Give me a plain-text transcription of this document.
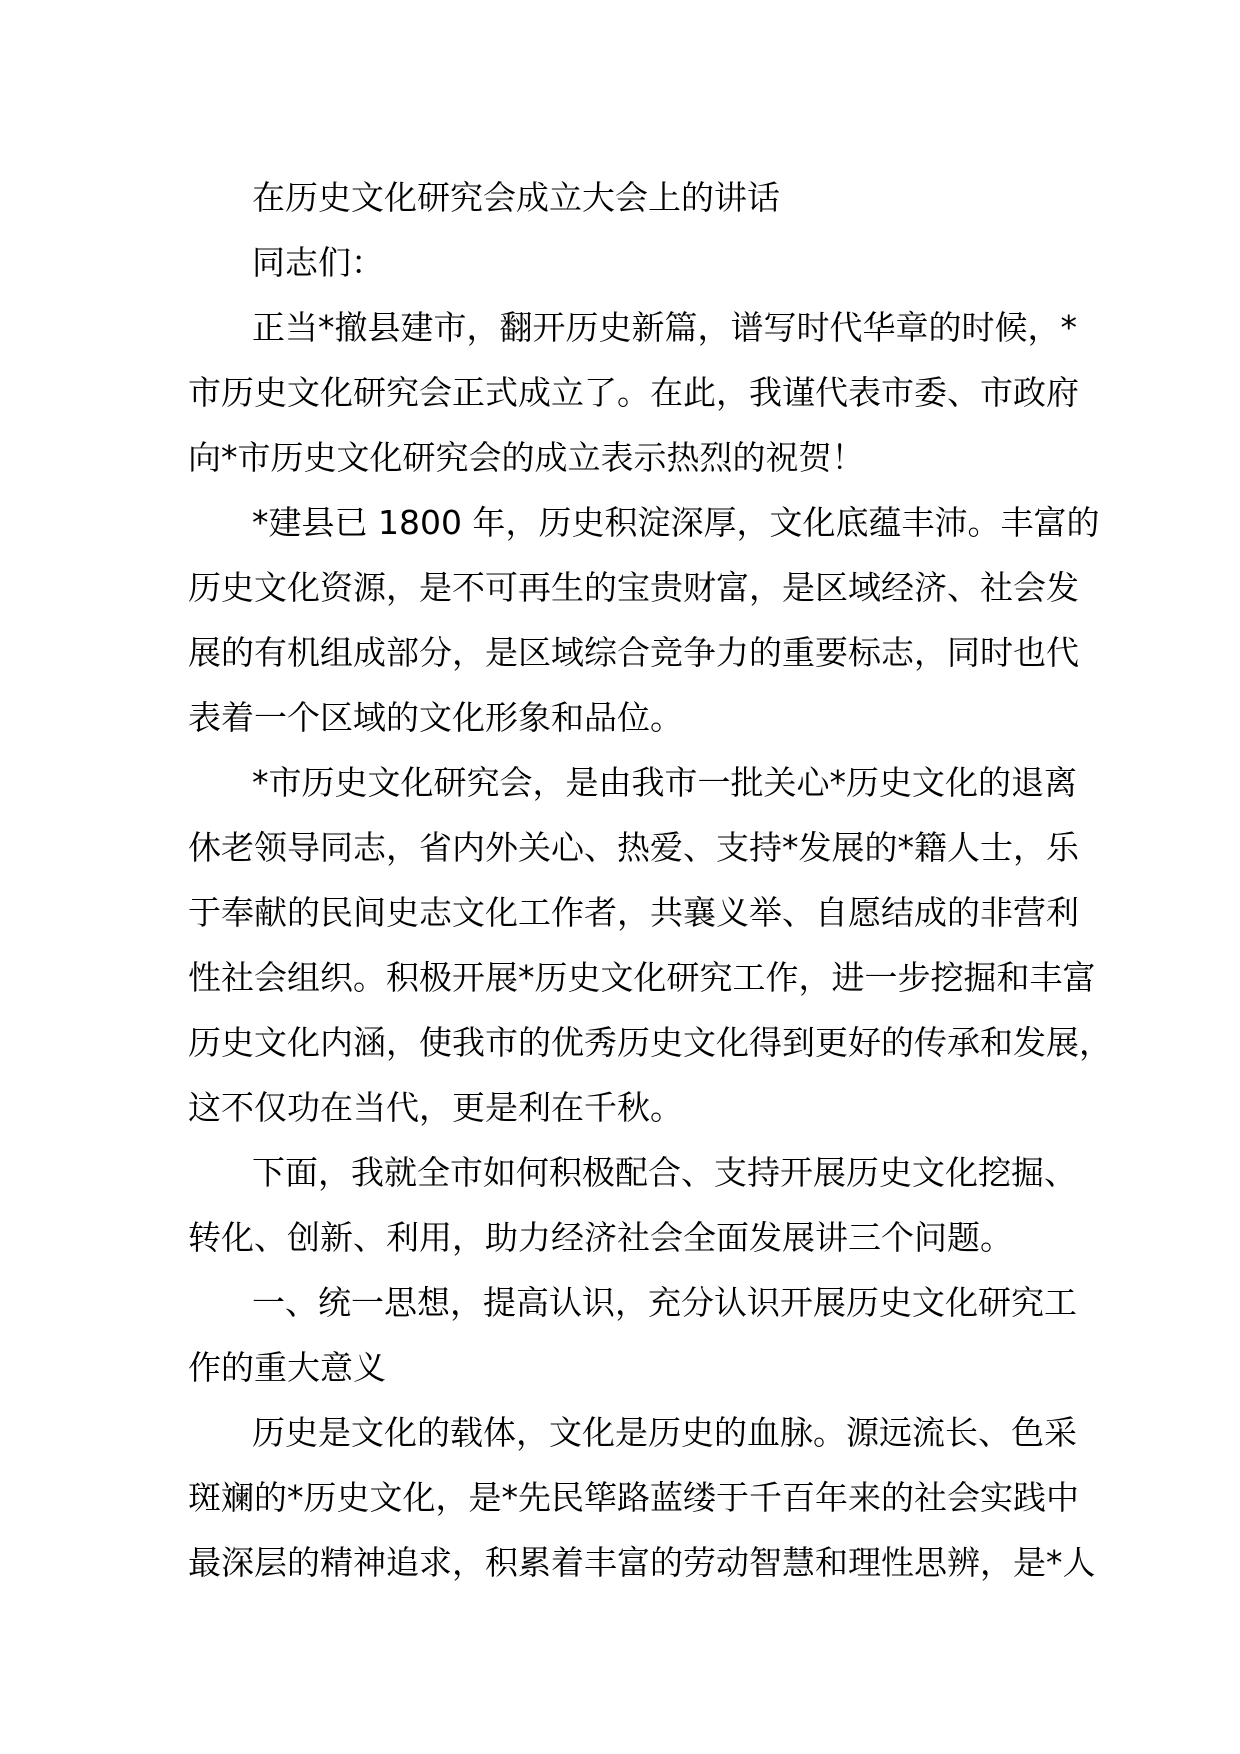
在历史文化研究会成立大会上的讲话
同志们：
正当*撤县建市，翻开历史新篇，谱写时代华章的时候，*
市历史文化研究会正式成立了。在此，我谨代表市委、市政府
向*市历史文化研究会的成立表示热烈的祝贺！
*建县已 1800 年，历史积淀深厚，文化底蕴丰沛。丰富的
历史文化资源，是不可再生的宝贵财富，是区域经济、社会发
展的有机组成部分，是区域综合竞争力的重要标志，同时也代
表着一个区域的文化形象和品位。
*市历史文化研究会，是由我市一批关心*历史文化的退离
休老领导同志，省内外关心、热爱、支持*发展的*籍人士，乐
于奉献的民间史志文化工作者，共襄义举、自愿结成的非营利
性社会组织。积极开展*历史文化研究工作，进一步挖掘和丰富
历史文化内涵，使我市的优秀历史文化得到更好的传承和发展，
这不仅功在当代，更是利在千秋。
下面，我就全市如何积极配合、支持开展历史文化挖掘、
转化、创新、利用，助力经济社会全面发展讲三个问题。
一、统一思想，提高认识，充分认识开展历史文化研究工
作的重大意义
历史是文化的载体，文化是历史的血脉。源远流长、色采
斑斓的*历史文化，是*先民筚路蓝缕于千百年来的社会实践中
最深层的精神追求，积累着丰富的劳动智慧和理性思辨，是*人
